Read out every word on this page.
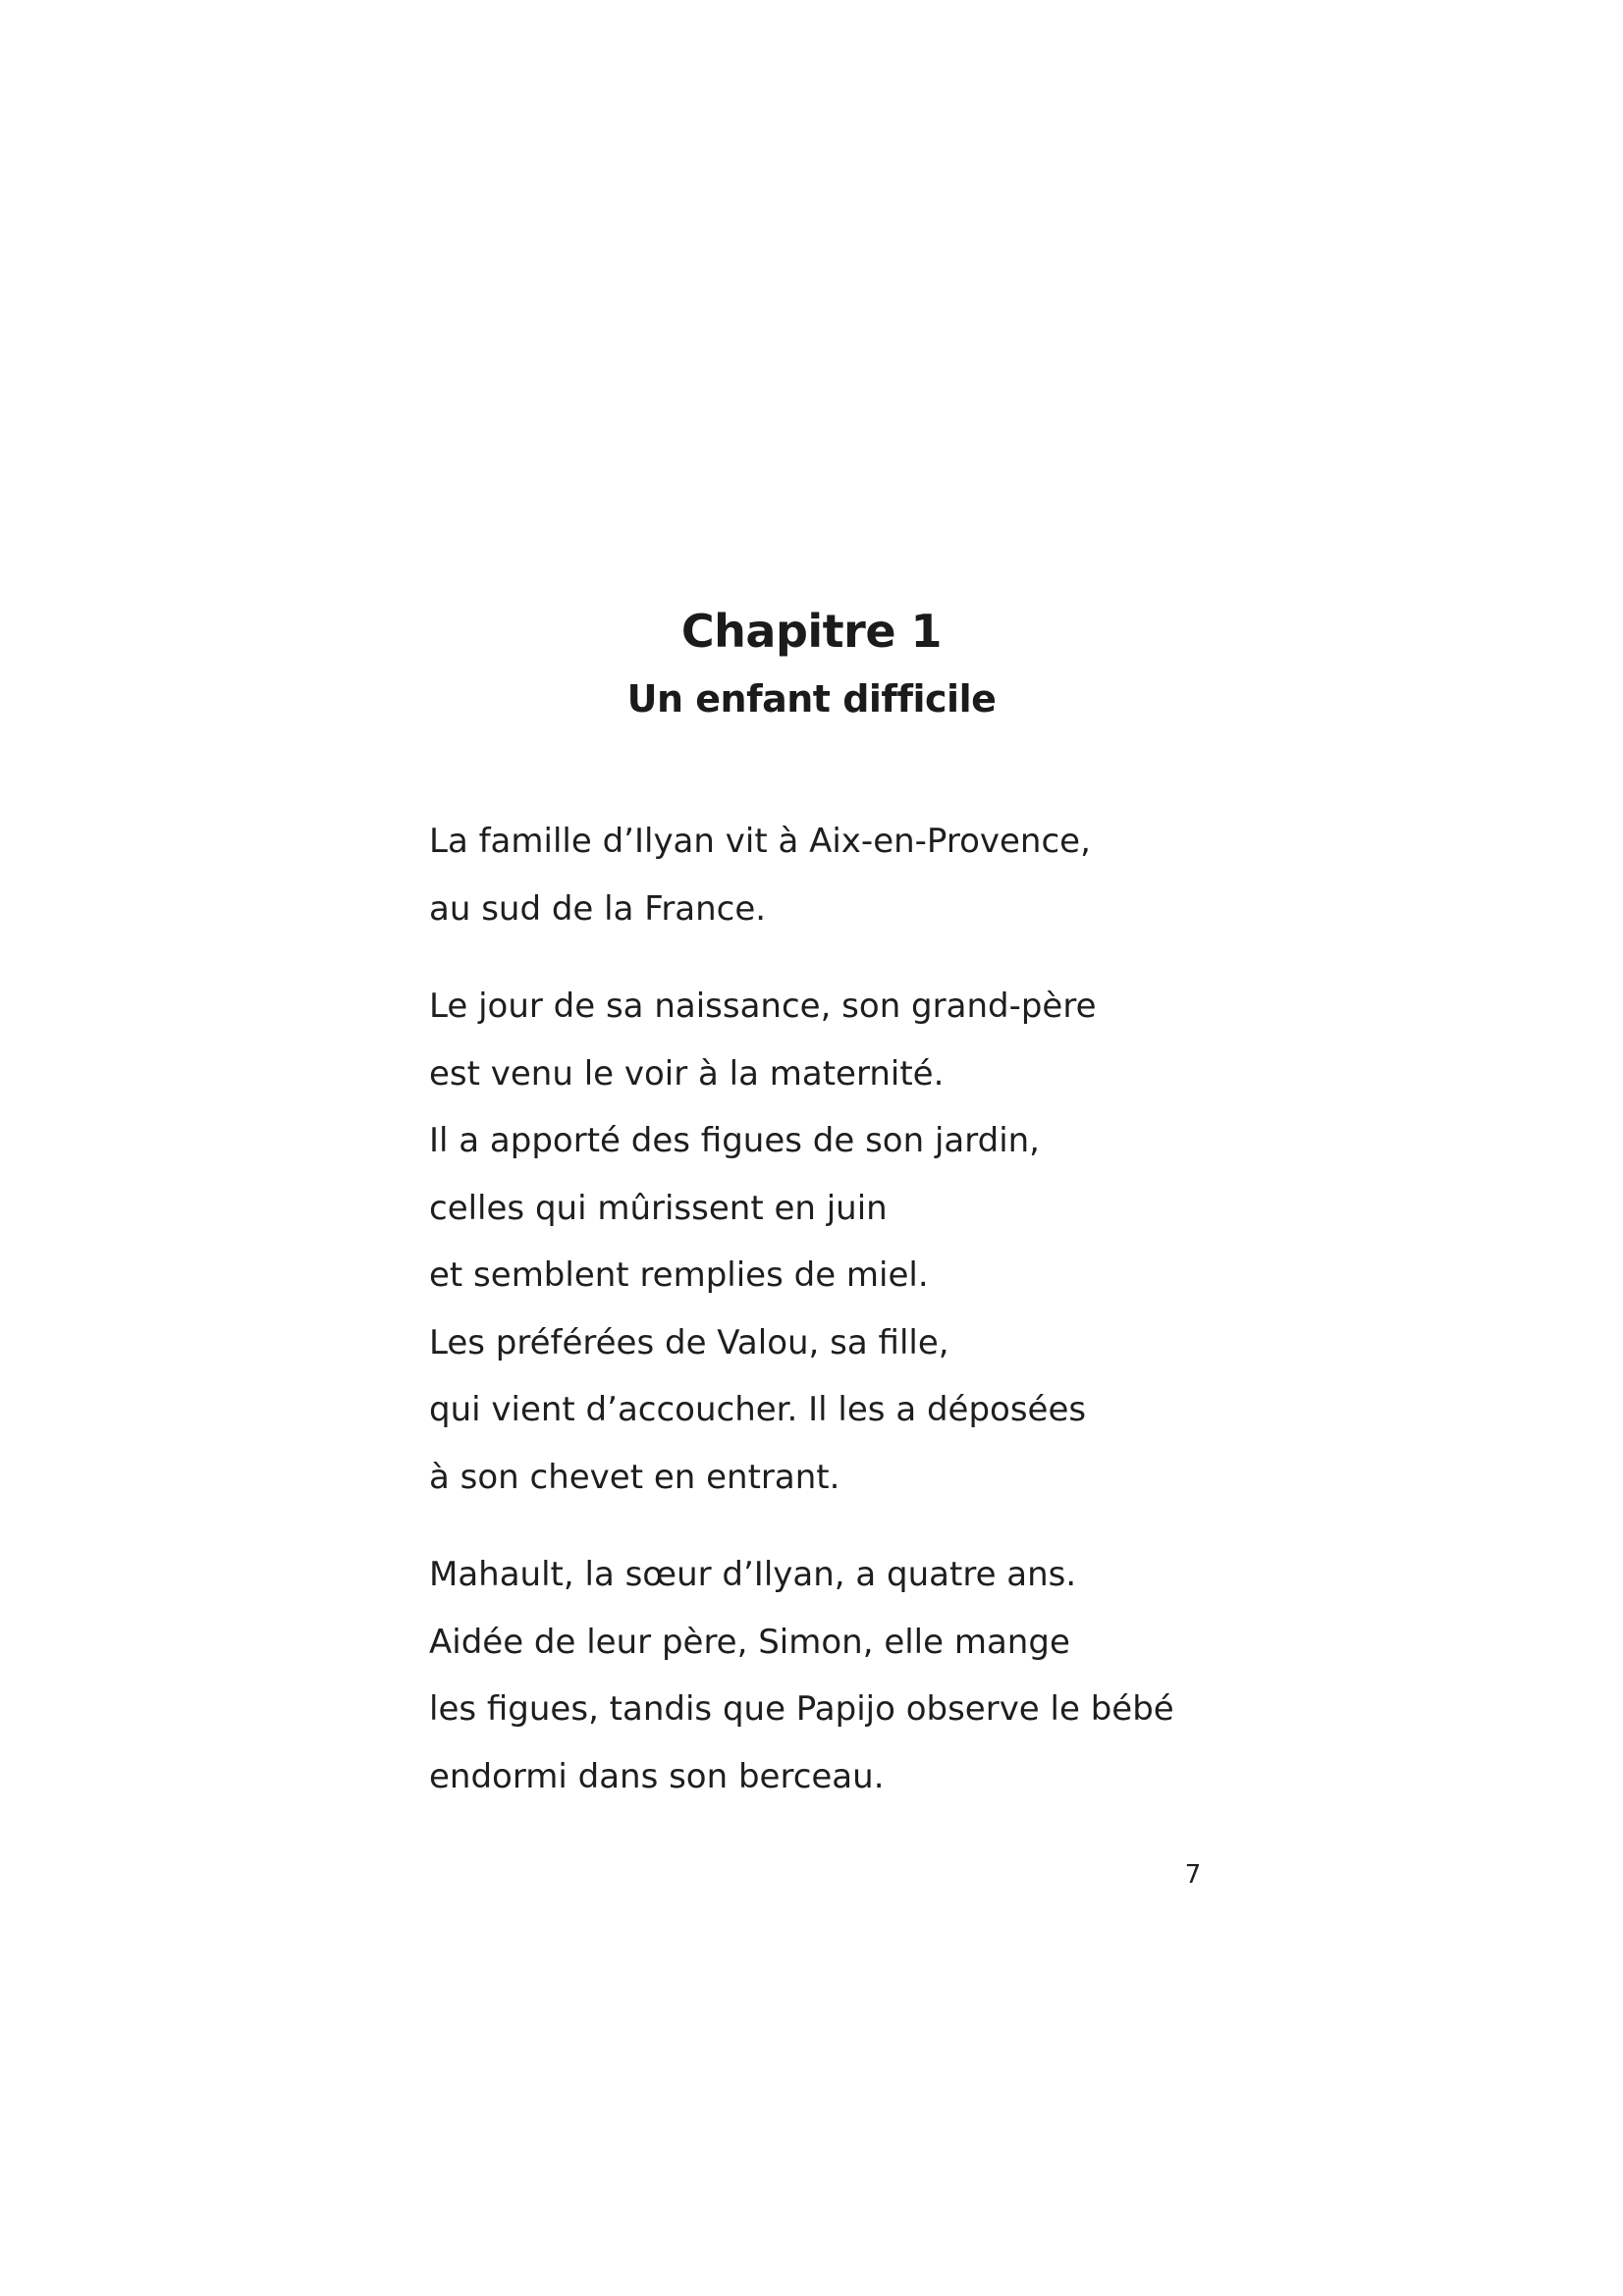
Chapitre 1
Un enfant difficile

La famille d’Ilyan vit à Aix-en-Provence,
au sud de la France.

Le jour de sa naissance, son grand-père
est venu le voir à la maternité.
Il a apporté des figues de son jardin,
celles qui mûrissent en juin
et semblent remplies de miel.
Les préférées de Valou, sa fille,
qui vient d’accoucher. Il les a déposées
à son chevet en entrant.

Mahault, la sœur d’Ilyan, a quatre ans.
Aidée de leur père, Simon, elle mange
les figues, tandis que Papijo observe le bébé
endormi dans son berceau.

7
